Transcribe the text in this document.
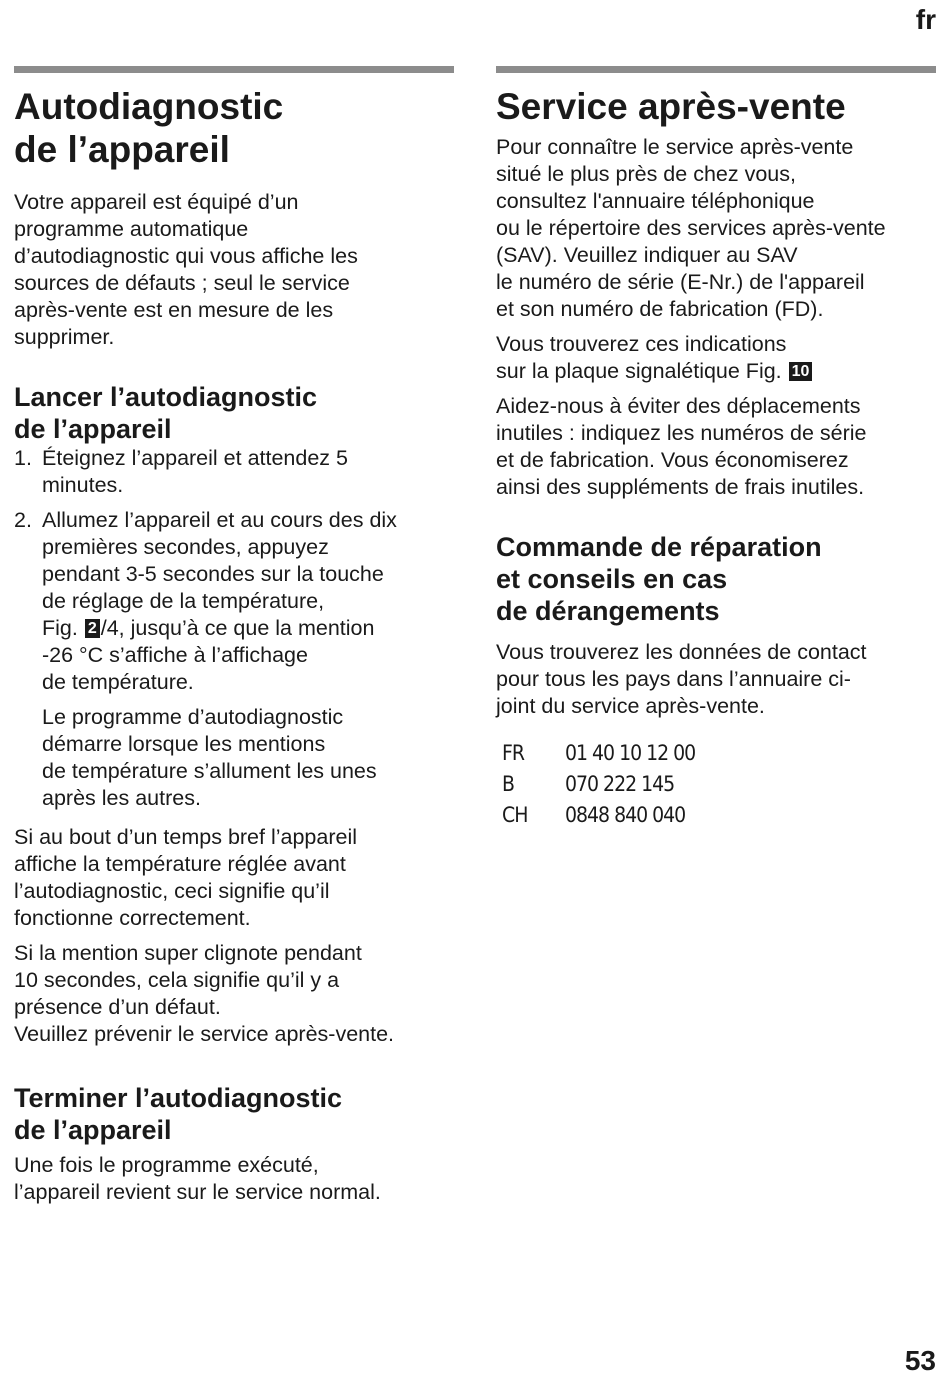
fr
Autodiagnostic
de l’appareil

Votre appareil est équipé d’un
programme automatique
d’autodiagnostic qui vous affiche les
sources de défauts ; seul le service
après-vente est en mesure de les
supprimer.

Lancer l’autodiagnostic
de l’appareil
1. Éteignez l’appareil et attendez 5
minutes.
2. Allumez l’appareil et au cours des dix
premières secondes, appuyez
pendant 3-5 secondes sur la touche
de réglage de la température,
Fig. 2 /4, jusqu’à ce que la mention
-26 °C s’affiche à l’affichage
de température.

Le programme d’autodiagnostic
démarre lorsque les mentions
de température s’allument les unes
après les autres.

Si au bout d’un temps bref l’appareil
affiche la température réglée avant
l’autodiagnostic, ceci signifie qu’il
fonctionne correctement.

Si la mention super clignote pendant
10 secondes, cela signifie qu’il y a
présence d’un défaut.
Veuillez prévenir le service après-vente.

Terminer l’autodiagnostic
de l’appareil

Une fois le programme exécuté,
l’appareil revient sur le service normal.

Service après-vente

Pour connaître le service après-vente
situé le plus près de chez vous,
consultez l'annuaire téléphonique
ou le répertoire des services après-vente
(SAV). Veuillez indiquer au SAV
le numéro de série (E-Nr.) de l'appareil
et son numéro de fabrication (FD).

Vous trouverez ces indications
sur la plaque signalétique Fig. 10

Aidez-nous à éviter des déplacements
inutiles : indiquez les numéros de série
et de fabrication. Vous économiserez
ainsi des suppléments de frais inutiles.

Commande de réparation
et conseils en cas
de dérangements

Vous trouverez les données de contact
pour tous les pays dans l’annuaire ci-
joint du service après-vente.

FR	01 40 10 12 00
B	070 222 145
CH	0848 840 040
53
